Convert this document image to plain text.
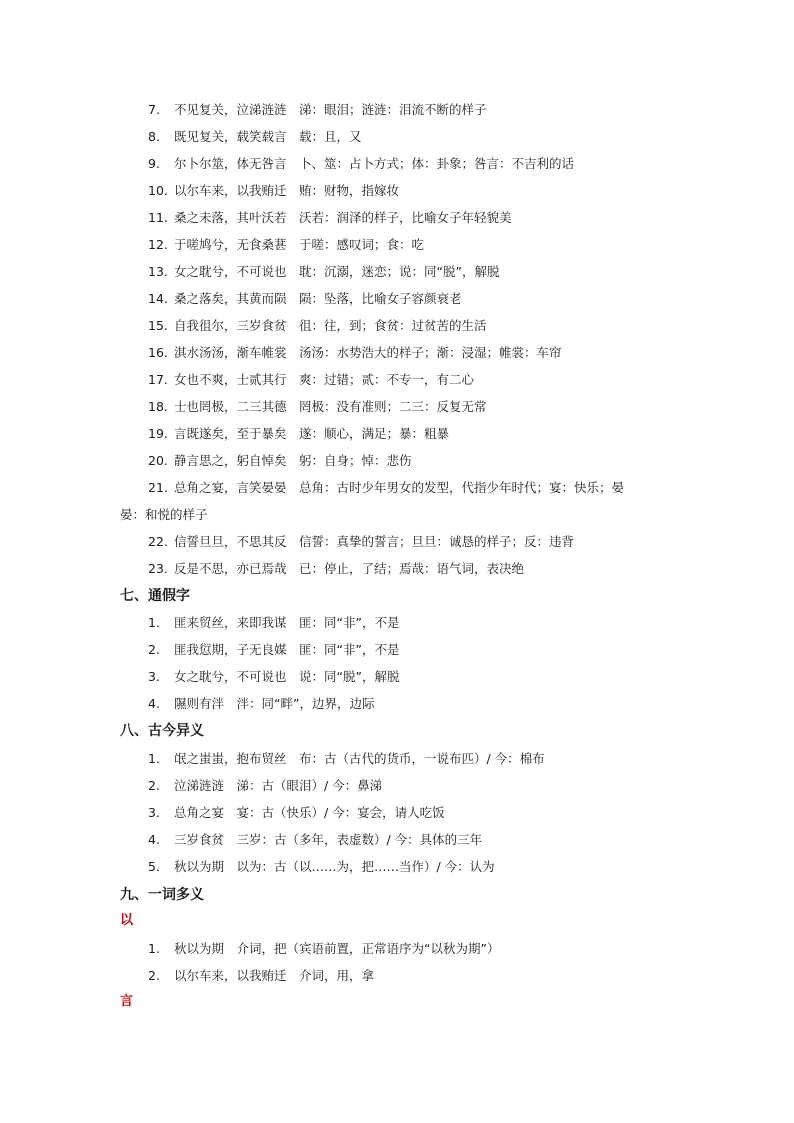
7. 不见复关，泣涕涟涟　涕：眼泪；涟涟：泪流不断的样子
8. 既见复关，载笑载言　载：且，又
9. 尔卜尔筮，体无咎言　卜、筮：占卜方式；体：卦象；咎言：不吉利的话
10. 以尔车来，以我贿迁　贿：财物，指嫁妆
11. 桑之未落，其叶沃若　沃若：润泽的样子，比喻女子年轻貌美
12. 于嗟鸠兮，无食桑葚　于嗟：感叹词；食：吃
13. 女之耽兮，不可说也　耽：沉溺，迷恋；说：同“脱”，解脱
14. 桑之落矣，其黄而陨　陨：坠落，比喻女子容颜衰老
15. 自我徂尔，三岁食贫　徂：往，到；食贫：过贫苦的生活
16. 淇水汤汤，渐车帷裳　汤汤：水势浩大的样子；渐：浸湿；帷裳：车帘
17. 女也不爽，士贰其行　爽：过错；贰：不专一，有二心
18. 士也罔极，二三其德　罔极：没有准则；二三：反复无常
19. 言既遂矣，至于暴矣　遂：顺心，满足；暴：粗暴
20. 静言思之，躬自悼矣　躬：自身；悼：悲伤
21. 总角之宴，言笑晏晏　总角：古时少年男女的发型，代指少年时代；宴：快乐；晏
晏：和悦的样子
22. 信誓旦旦，不思其反　信誓：真挚的誓言；旦旦：诚恳的样子；反：违背
23. 反是不思，亦已焉哉　已：停止，了结；焉哉：语气词，表决绝
七、通假字
1. 匪来贸丝，来即我谋　匪：同“非”，不是
2. 匪我愆期，子无良媒　匪：同“非”，不是
3. 女之耽兮，不可说也　说：同“脱”，解脱
4. 隰则有泮　泮：同“畔”，边界，边际
八、古今异义
1. 氓之蚩蚩，抱布贸丝　布：古（古代的货币，一说布匹）/ 今：棉布
2. 泣涕涟涟　涕：古（眼泪）/ 今：鼻涕
3. 总角之宴　宴：古（快乐）/ 今：宴会，请人吃饭
4. 三岁食贫　三岁：古（多年，表虚数）/ 今：具体的三年
5. 秋以为期　以为：古（以……为，把……当作）/ 今：认为
九、一词多义
以
1. 秋以为期　介词，把（宾语前置，正常语序为“以秋为期”）
2. 以尔车来，以我贿迁　介词，用，拿
言
